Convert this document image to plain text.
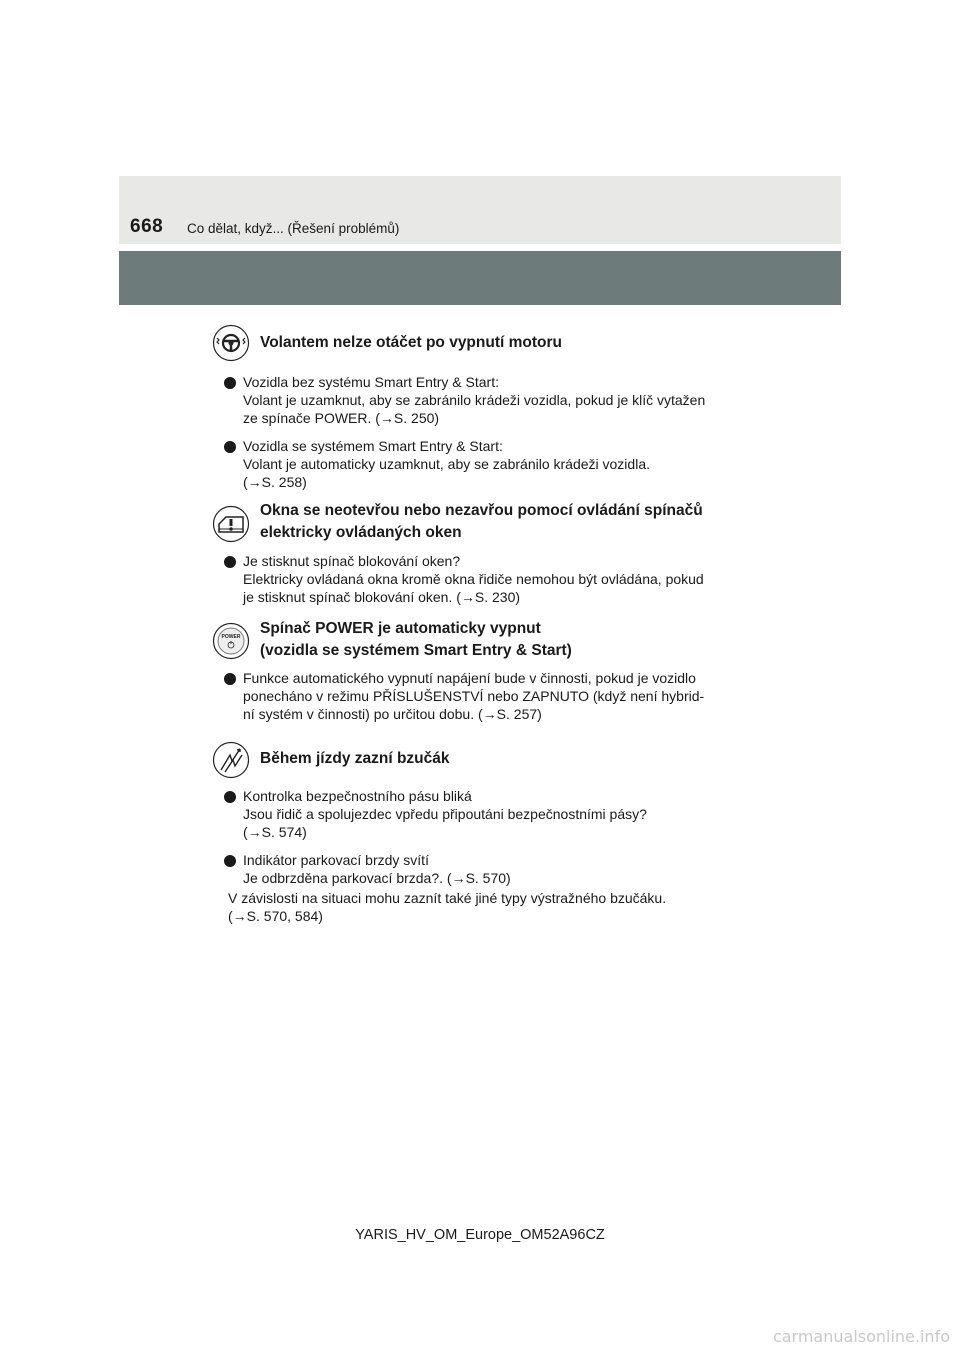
668 Co dělat, když... (Řešení problémů)
Volantem nelze otáčet po vypnutí motoru
Vozidla bez systému Smart Entry & Start:
Volant je uzamknut, aby se zabránilo krádeži vozidla, pokud je klíč vytažen
ze spínače POWER. (→S. 250)
Vozidla se systémem Smart Entry & Start:
Volant je automaticky uzamknut, aby se zabránilo krádeži vozidla.
(→S. 258)
Okna se neotevřou nebo nezavřou pomocí ovládání spínačů
elektricky ovládaných oken
Je stisknut spínač blokování oken?
Elektricky ovládaná okna kromě okna řidiče nemohou být ovládána, pokud
je stisknut spínač blokování oken. (→S. 230)
POWER Spínač POWER je automaticky vypnut
(vozidla se systémem Smart Entry & Start)
Funkce automatického vypnutí napájení bude v činnosti, pokud je vozidlo
ponecháno v režimu PŘÍSLUŠENSTVÍ nebo ZAPNUTO (když není hybrid-
ní systém v činnosti) po určitou dobu. (→S. 257)
Během jízdy zazní bzučák
Kontrolka bezpečnostního pásu bliká
Jsou řidič a spolujezdec vpředu připoutáni bezpečnostními pásy?
(→S. 574)
Indikátor parkovací brzdy svítí
Je odbrzděna parkovací brzda?. (→S. 570)
V závislosti na situaci mohu zaznít také jiné typy výstražného bzučáku.
(→S. 570, 584)
YARIS_HV_OM_Europe_OM52A96CZ
carmanualsonline.info
